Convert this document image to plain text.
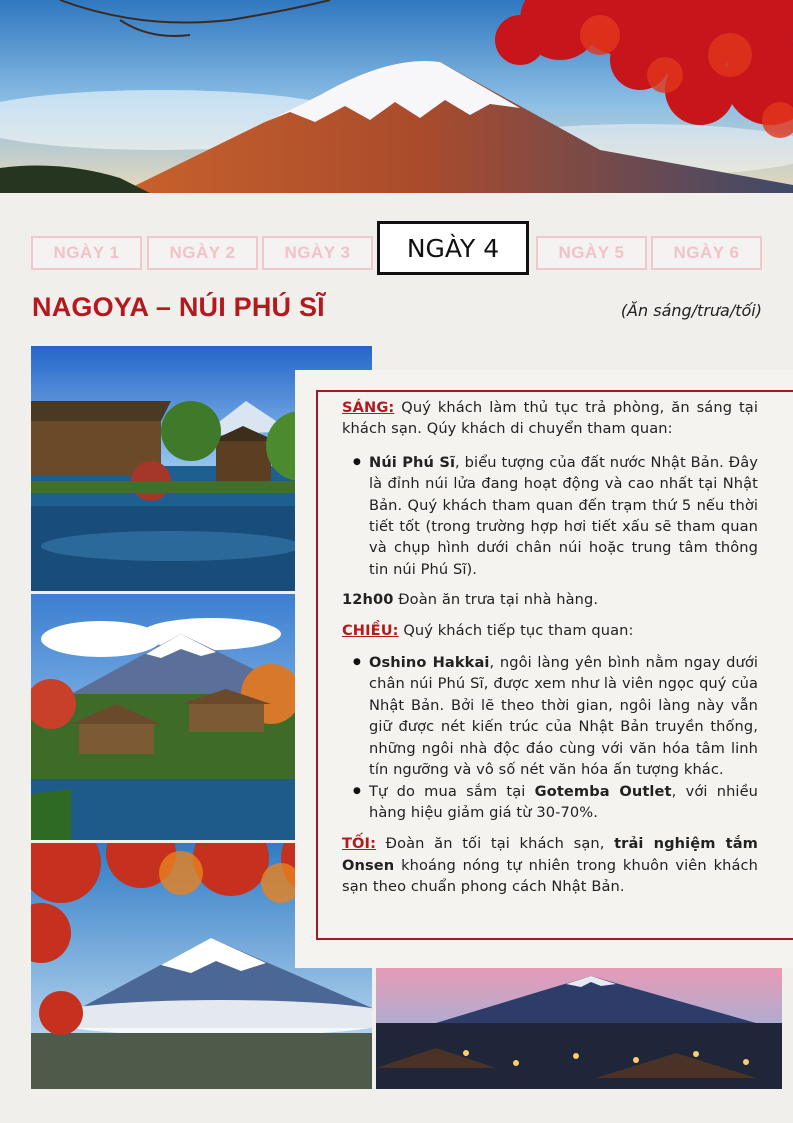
NGÀY 1	NGÀY 2	NGÀY 3	NGÀY 4	NGÀY 5	NGÀY 6
NAGOYA – NÚI PHÚ SĨ	(Ăn sáng/trưa/tối)

SÁNG: Quý khách làm thủ tục trả phòng, ăn sáng tại khách sạn. Qúy khách di chuyển tham quan:

● Núi Phú Sĩ, biểu tượng của đất nước Nhật Bản. Đây là đỉnh núi lửa đang hoạt động và cao nhất tại Nhật Bản. Quý khách tham quan đến trạm thứ 5 nếu thời tiết tốt (trong trường hợp hơi tiết xấu sẽ tham quan và chụp hình dưới chân núi hoặc trung tâm thông tin núi Phú Sĩ).

12h00 Đoàn ăn trưa tại nhà hàng.

CHIỀU: Quý khách tiếp tục tham quan:

● Oshino Hakkai, ngôi làng yên bình nằm ngay dưới chân núi Phú Sĩ, được xem như là viên ngọc quý của Nhật Bản. Bởi lẽ theo thời gian, ngôi làng này vẫn giữ được nét kiến trúc của Nhật Bản truyền thống, những ngôi nhà độc đáo cùng với văn hóa tâm linh tín ngưỡng và vô số nét văn hóa ấn tượng khác.
● Tự do mua sắm tại Gotemba Outlet, với nhiều hàng hiệu giảm giá từ 30-70%.

TỐI: Đoàn ăn tối tại khách sạn, trải nghiệm tắm Onsen khoáng nóng tự nhiên trong khuôn viên khách sạn theo chuẩn phong cách Nhật Bản.
